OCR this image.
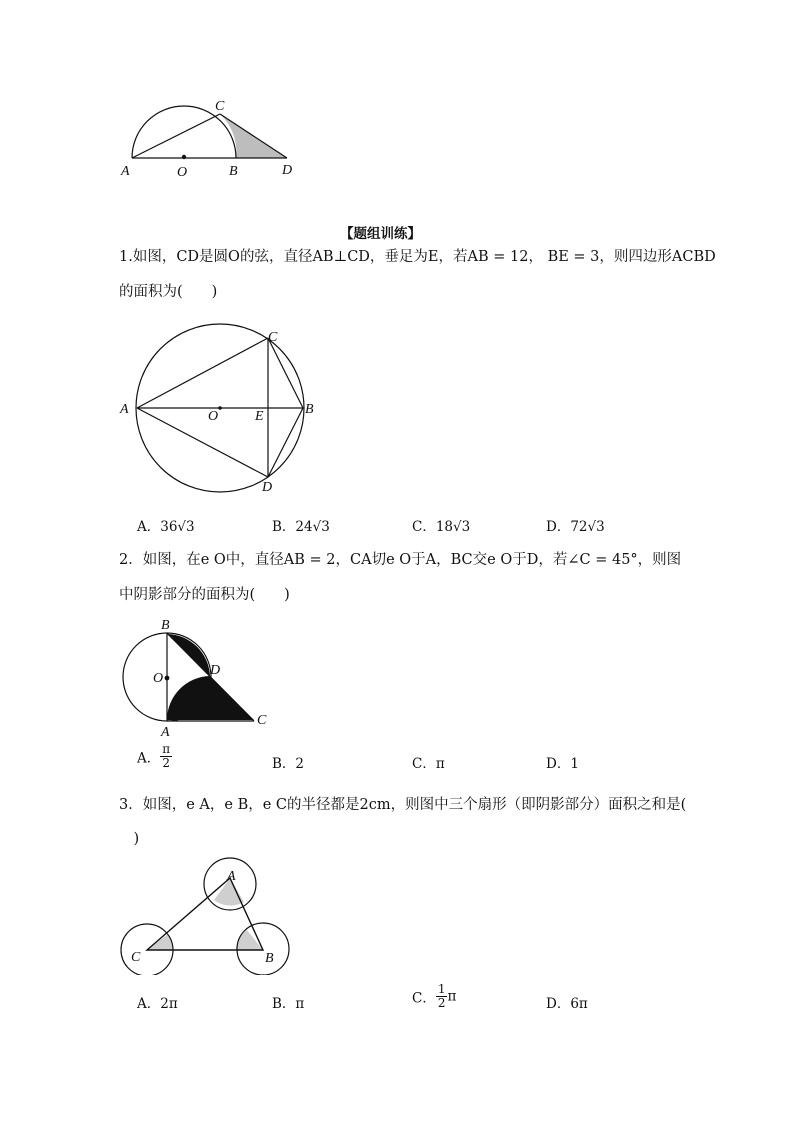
A	O	B
C
D
【题组训练】
1.如图，CD是圆O的弦，直径AB⊥CD，垂足为E，若AB = 12， BE = 3，则四边形ACBD
的面积为(　　)
A	O	E	B
C
D
A．36√3	B．24√3	C．18√3	D．72√3
2．如图，在e O中，直径AB = 2，CA切e O于A，BC交e O于D，若∠C = 45°，则图
中阴影部分的面积为(　　)
B
D
O
A
C
A． $\frac{\pi}{2}$	B．2	C．π	D．1
3．如图，e A，e B，e C的半径都是2cm，则图中三个扇形（即阴影部分）面积之和是(
　)
A
B
C
A．2π	B．π	C． $\frac{1}{2}$ π	D．6π
